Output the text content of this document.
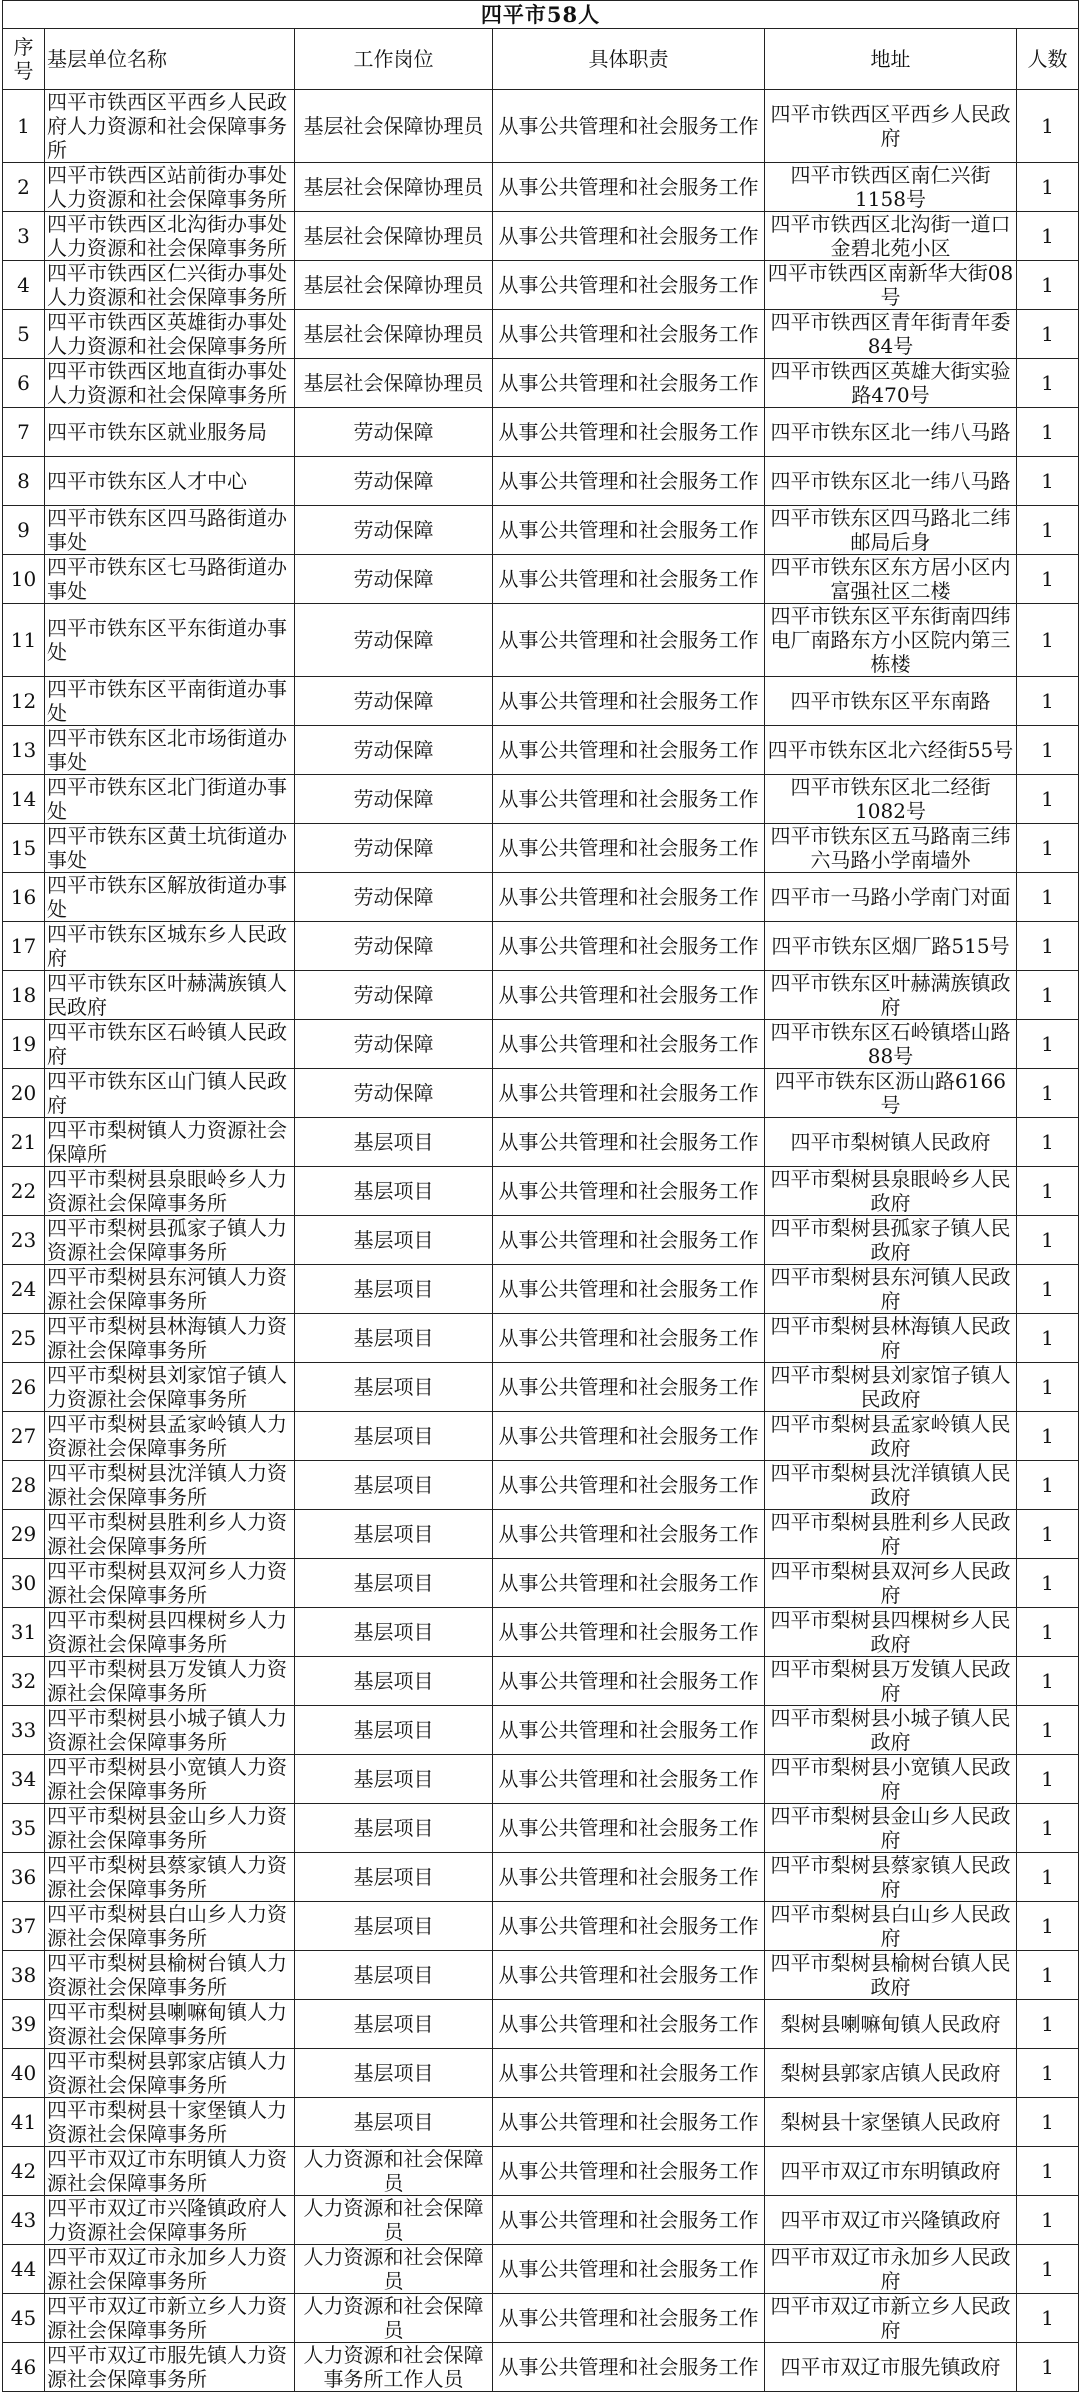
四平市58人					
序号	基层单位名称	工作岗位	具体职责	地址	人数
1	四平市铁西区平西乡人民政府人力资源和社会保障事务所	基层社会保障协理员	从事公共管理和社会服务工作	四平市铁西区平西乡人民政府	1
2	四平市铁西区站前街办事处人力资源和社会保障事务所	基层社会保障协理员	从事公共管理和社会服务工作	四平市铁西区南仁兴街1158号	1
3	四平市铁西区北沟街办事处人力资源和社会保障事务所	基层社会保障协理员	从事公共管理和社会服务工作	四平市铁西区北沟街一道口金碧北苑小区	1
4	四平市铁西区仁兴街办事处人力资源和社会保障事务所	基层社会保障协理员	从事公共管理和社会服务工作	四平市铁西区南新华大街08号	1
5	四平市铁西区英雄街办事处人力资源和社会保障事务所	基层社会保障协理员	从事公共管理和社会服务工作	四平市铁西区青年街青年委84号	1
6	四平市铁西区地直街办事处人力资源和社会保障事务所	基层社会保障协理员	从事公共管理和社会服务工作	四平市铁西区英雄大街实验路470号	1
7	四平市铁东区就业服务局	劳动保障	从事公共管理和社会服务工作	四平市铁东区北一纬八马路	1
8	四平市铁东区人才中心	劳动保障	从事公共管理和社会服务工作	四平市铁东区北一纬八马路	1
9	四平市铁东区四马路街道办事处	劳动保障	从事公共管理和社会服务工作	四平市铁东区四马路北二纬邮局后身	1
10	四平市铁东区七马路街道办事处	劳动保障	从事公共管理和社会服务工作	四平市铁东区东方居小区内富强社区二楼	1
11	四平市铁东区平东街道办事处	劳动保障	从事公共管理和社会服务工作	四平市铁东区平东街南四纬电厂南路东方小区院内第三栋楼	1
12	四平市铁东区平南街道办事处	劳动保障	从事公共管理和社会服务工作	四平市铁东区平东南路	1
13	四平市铁东区北市场街道办事处	劳动保障	从事公共管理和社会服务工作	四平市铁东区北六经街55号	1
14	四平市铁东区北门街道办事处	劳动保障	从事公共管理和社会服务工作	四平市铁东区北二经街1082号	1
15	四平市铁东区黄土坑街道办事处	劳动保障	从事公共管理和社会服务工作	四平市铁东区五马路南三纬六马路小学南墙外	1
16	四平市铁东区解放街道办事处	劳动保障	从事公共管理和社会服务工作	四平市一马路小学南门对面	1
17	四平市铁东区城东乡人民政府	劳动保障	从事公共管理和社会服务工作	四平市铁东区烟厂路515号	1
18	四平市铁东区叶赫满族镇人民政府	劳动保障	从事公共管理和社会服务工作	四平市铁东区叶赫满族镇政府	1
19	四平市铁东区石岭镇人民政府	劳动保障	从事公共管理和社会服务工作	四平市铁东区石岭镇塔山路88号	1
20	四平市铁东区山门镇人民政府	劳动保障	从事公共管理和社会服务工作	四平市铁东区沥山路6166号	1
21	四平市梨树镇人力资源社会保障所	基层项目	从事公共管理和社会服务工作	四平市梨树镇人民政府	1
22	四平市梨树县泉眼岭乡人力资源社会保障事务所	基层项目	从事公共管理和社会服务工作	四平市梨树县泉眼岭乡人民政府	1
23	四平市梨树县孤家子镇人力资源社会保障事务所	基层项目	从事公共管理和社会服务工作	四平市梨树县孤家子镇人民政府	1
24	四平市梨树县东河镇人力资源社会保障事务所	基层项目	从事公共管理和社会服务工作	四平市梨树县东河镇人民政府	1
25	四平市梨树县林海镇人力资源社会保障事务所	基层项目	从事公共管理和社会服务工作	四平市梨树县林海镇人民政府	1
26	四平市梨树县刘家馆子镇人力资源社会保障事务所	基层项目	从事公共管理和社会服务工作	四平市梨树县刘家馆子镇人民政府	1
27	四平市梨树县孟家岭镇人力资源社会保障事务所	基层项目	从事公共管理和社会服务工作	四平市梨树县孟家岭镇人民政府	1
28	四平市梨树县沈洋镇人力资源社会保障事务所	基层项目	从事公共管理和社会服务工作	四平市梨树县沈洋镇镇人民政府	1
29	四平市梨树县胜利乡人力资源社会保障事务所	基层项目	从事公共管理和社会服务工作	四平市梨树县胜利乡人民政府	1
30	四平市梨树县双河乡人力资源社会保障事务所	基层项目	从事公共管理和社会服务工作	四平市梨树县双河乡人民政府	1
31	四平市梨树县四棵树乡人力资源社会保障事务所	基层项目	从事公共管理和社会服务工作	四平市梨树县四棵树乡人民政府	1
32	四平市梨树县万发镇人力资源社会保障事务所	基层项目	从事公共管理和社会服务工作	四平市梨树县万发镇人民政府	1
33	四平市梨树县小城子镇人力资源社会保障事务所	基层项目	从事公共管理和社会服务工作	四平市梨树县小城子镇人民政府	1
34	四平市梨树县小宽镇人力资源社会保障事务所	基层项目	从事公共管理和社会服务工作	四平市梨树县小宽镇人民政府	1
35	四平市梨树县金山乡人力资源社会保障事务所	基层项目	从事公共管理和社会服务工作	四平市梨树县金山乡人民政府	1
36	四平市梨树县蔡家镇人力资源社会保障事务所	基层项目	从事公共管理和社会服务工作	四平市梨树县蔡家镇人民政府	1
37	四平市梨树县白山乡人力资源社会保障事务所	基层项目	从事公共管理和社会服务工作	四平市梨树县白山乡人民政府	1
38	四平市梨树县榆树台镇人力资源社会保障事务所	基层项目	从事公共管理和社会服务工作	四平市梨树县榆树台镇人民政府	1
39	四平市梨树县喇嘛甸镇人力资源社会保障事务所	基层项目	从事公共管理和社会服务工作	梨树县喇嘛甸镇人民政府	1
40	四平市梨树县郭家店镇人力资源社会保障事务所	基层项目	从事公共管理和社会服务工作	梨树县郭家店镇人民政府	1
41	四平市梨树县十家堡镇人力资源社会保障事务所	基层项目	从事公共管理和社会服务工作	梨树县十家堡镇人民政府	1
42	四平市双辽市东明镇人力资源社会保障事务所	人力资源和社会保障员	从事公共管理和社会服务工作	四平市双辽市东明镇政府	1
43	四平市双辽市兴隆镇政府人力资源社会保障事务所	人力资源和社会保障员	从事公共管理和社会服务工作	四平市双辽市兴隆镇政府	1
44	四平市双辽市永加乡人力资源社会保障事务所	人力资源和社会保障员	从事公共管理和社会服务工作	四平市双辽市永加乡人民政府	1
45	四平市双辽市新立乡人力资源社会保障事务所	人力资源和社会保障员	从事公共管理和社会服务工作	四平市双辽市新立乡人民政府	1
46	四平市双辽市服先镇人力资源社会保障事务所	人力资源和社会保障事务所工作人员	从事公共管理和社会服务工作	四平市双辽市服先镇政府	1
